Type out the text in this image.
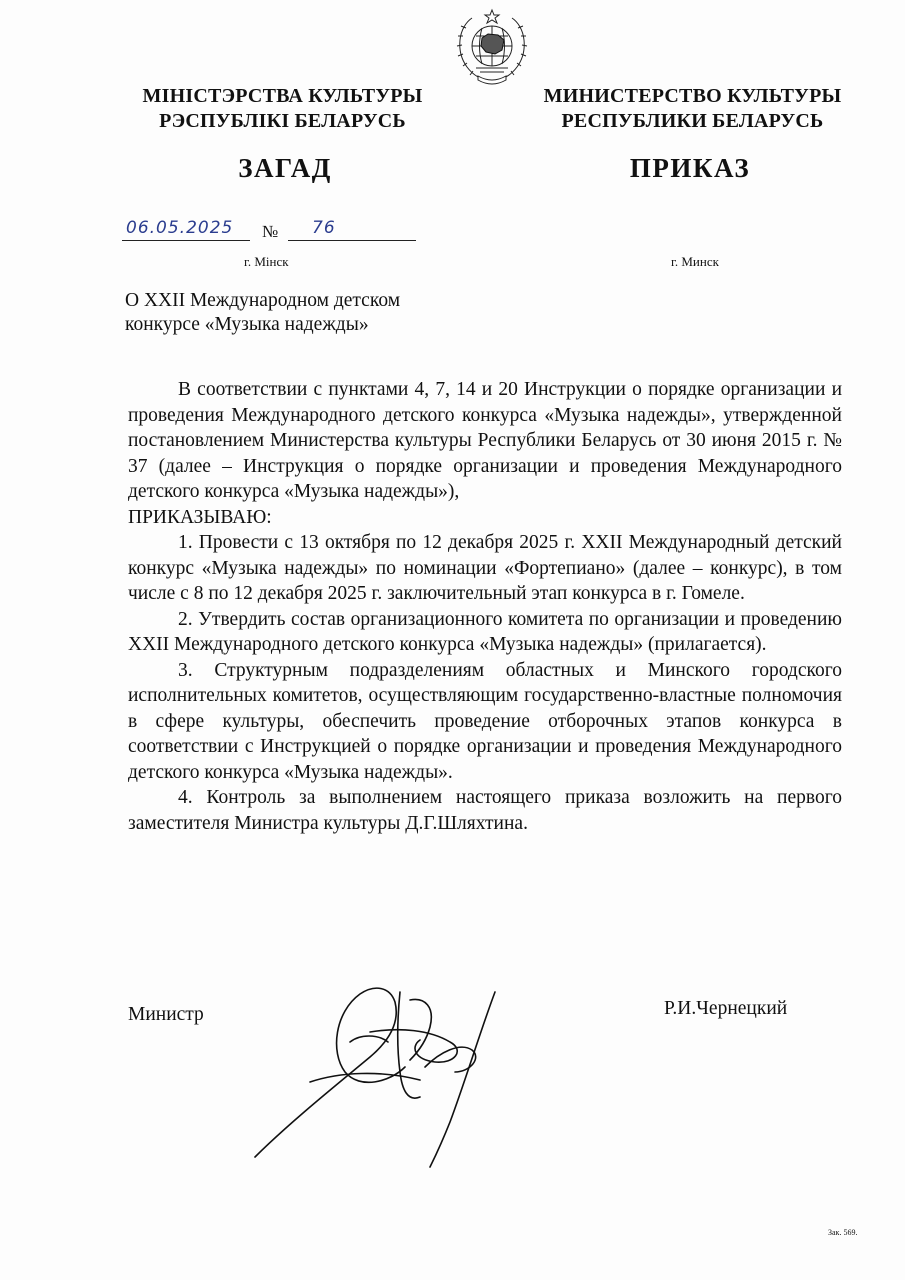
МІНІСТЭРСТВА КУЛЬТУРЫ
РЭСПУБЛІКІ БЕЛАРУСЬ
МИНИСТЕРСТВО КУЛЬТУРЫ
РЕСПУБЛИКИ БЕЛАРУСЬ
ЗАГАД	ПРИКАЗ
06.05.2025 № 76
г. Мінск	г. Минск
О XXII Международном детском
конкурсе «Музыка надежды»

В соответствии с пунктами 4, 7, 14 и 20 Инструкции о порядке организации и проведения Международного детского конкурса «Музыка надежды», утвержденной постановлением Министерства культуры Республики Беларусь от 30 июня 2015 г. № 37 (далее – Инструкция о порядке организации и проведения Международного детского конкурса «Музыка надежды»),

ПРИКАЗЫВАЮ:

1. Провести с 13 октября по 12 декабря 2025 г. XXII Международный детский конкурс «Музыка надежды» по номинации «Фортепиано» (далее – конкурс), в том числе с 8 по 12 декабря 2025 г. заключительный этап конкурса в г. Гомеле.

2. Утвердить состав организационного комитета по организации и проведению XXII Международного детского конкурса «Музыка надежды» (прилагается).

3. Структурным подразделениям областных и Минского городского исполнительных комитетов, осуществляющим государственно-властные полномочия в сфере культуры, обеспечить проведение отборочных этапов конкурса в соответствии с Инструкцией о порядке организации и проведения Международного детского конкурса «Музыка надежды».

4. Контроль за выполнением настоящего приказа возложить на первого заместителя Министра культуры Д.Г.Шляхтина.

Министр	Р.И.Чернецкий
Зак. 569.
